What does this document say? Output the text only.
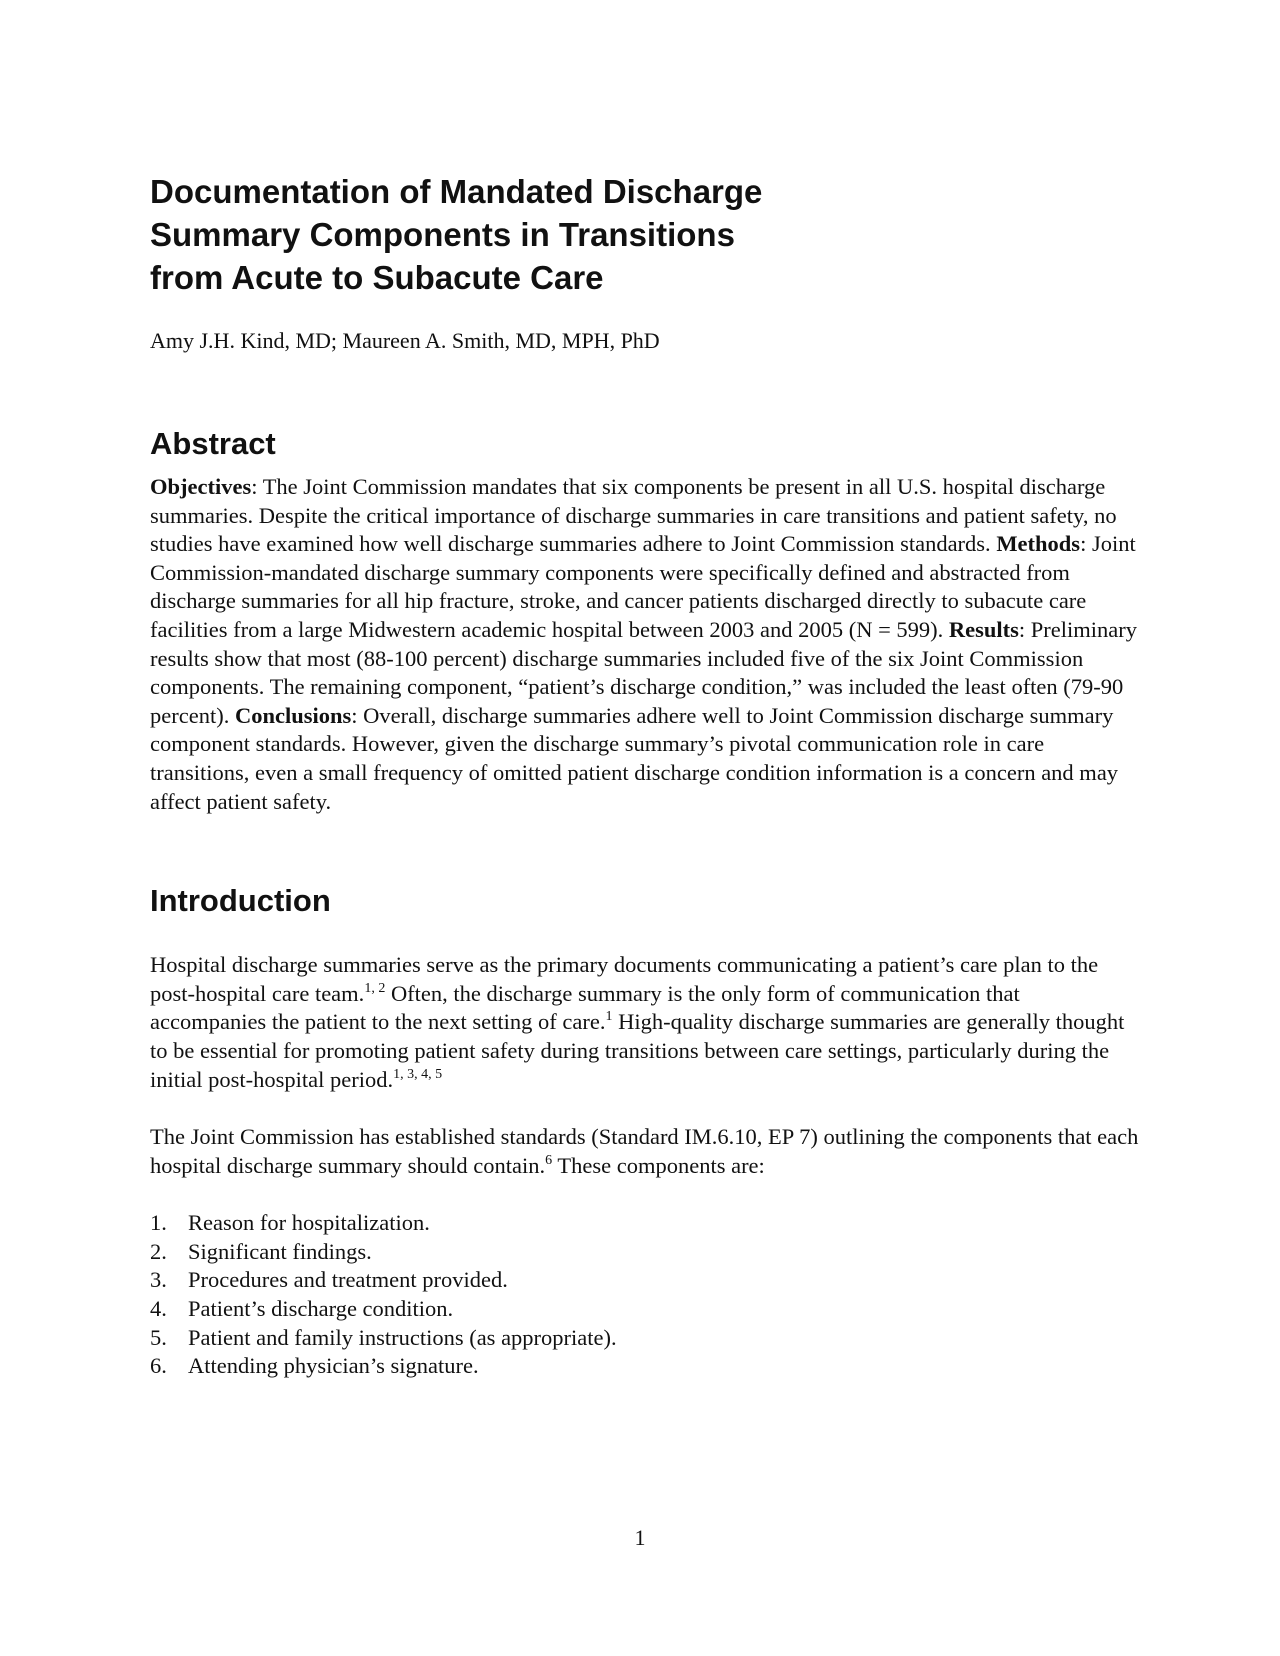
Documentation of Mandated Discharge
Summary Components in Transitions
from Acute to Subacute Care
Amy J.H. Kind, MD; Maureen A. Smith, MD, MPH, PhD
Abstract

Objectives: The Joint Commission mandates that six components be present in all U.S. hospital discharge summaries. Despite the critical importance of discharge summaries in care transitions and patient safety, no studies have examined how well discharge summaries adhere to Joint Commission standards. Methods: Joint Commission-mandated discharge summary components were specifically defined and abstracted from discharge summaries for all hip fracture, stroke, and cancer patients discharged directly to subacute care facilities from a large Midwestern academic hospital between 2003 and 2005 (N = 599). Results: Preliminary results show that most (88-100 percent) discharge summaries included five of the six Joint Commission components. The remaining component, “patient’s discharge condition,” was included the least often (79-90 percent). Conclusions: Overall, discharge summaries adhere well to Joint Commission discharge summary component standards. However, given the discharge summary’s pivotal communication role in care transitions, even a small frequency of omitted patient discharge condition information is a concern and may affect patient safety.

Introduction

Hospital discharge summaries serve as the primary documents communicating a patient’s care plan to the post-hospital care team.$^{1, 2}$ Often, the discharge summary is the only form of communication that accompanies the patient to the next setting of care.$^1$ High-quality discharge summaries are generally thought to be essential for promoting patient safety during transitions between care settings, particularly during the initial post-hospital period.$^{1, 3, 4, 5}$

The Joint Commission has established standards (Standard IM.6.10, EP 7) outlining the components that each hospital discharge summary should contain.$^6$ These components are:

1. Reason for hospitalization.
2. Significant findings.
3. Procedures and treatment provided.
4. Patient’s discharge condition.
5. Patient and family instructions (as appropriate).
6. Attending physician’s signature.
1
